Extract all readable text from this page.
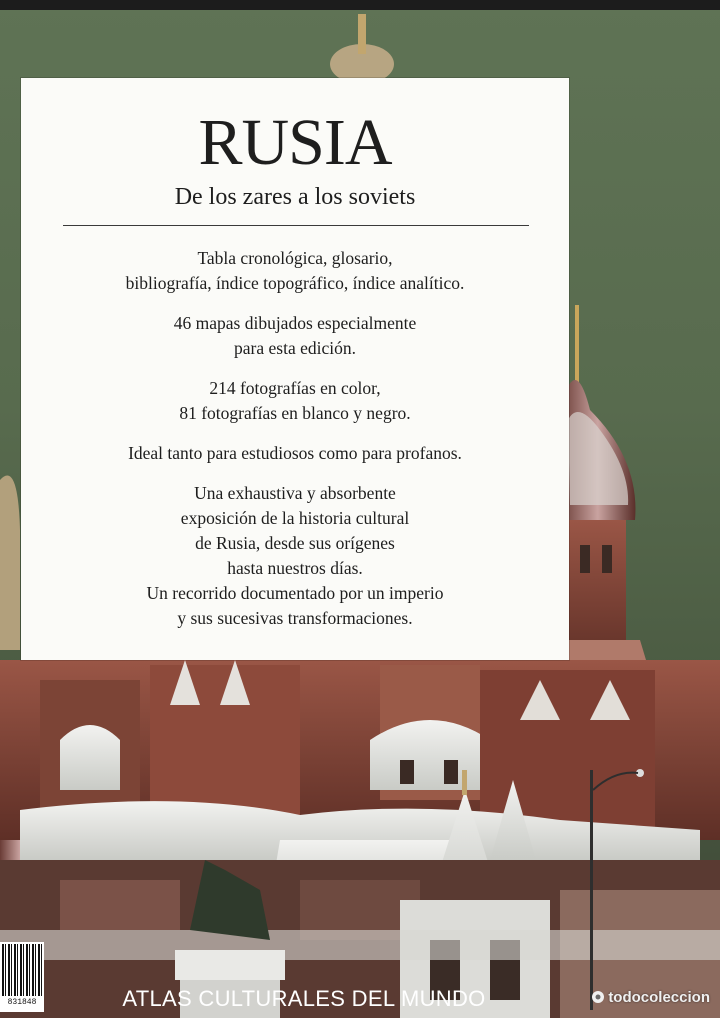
RUSIA
De los zares a los soviets
Tabla cronológica, glosario,
bibliografía, índice topográfico, índice analítico.
46 mapas dibujados especialmente
para esta edición.
214 fotografías en color,
81 fotografías en blanco y negro.
Ideal tanto para estudiosos como para profanos.
Una exhaustiva y absorbente
exposición de la historia cultural
de Rusia, desde sus orígenes
hasta nuestros días.
Un recorrido documentado por un imperio
y sus sucesivas transformaciones.
831848	ATLAS CULTURALES DEL MUNDO	todocoleccion
